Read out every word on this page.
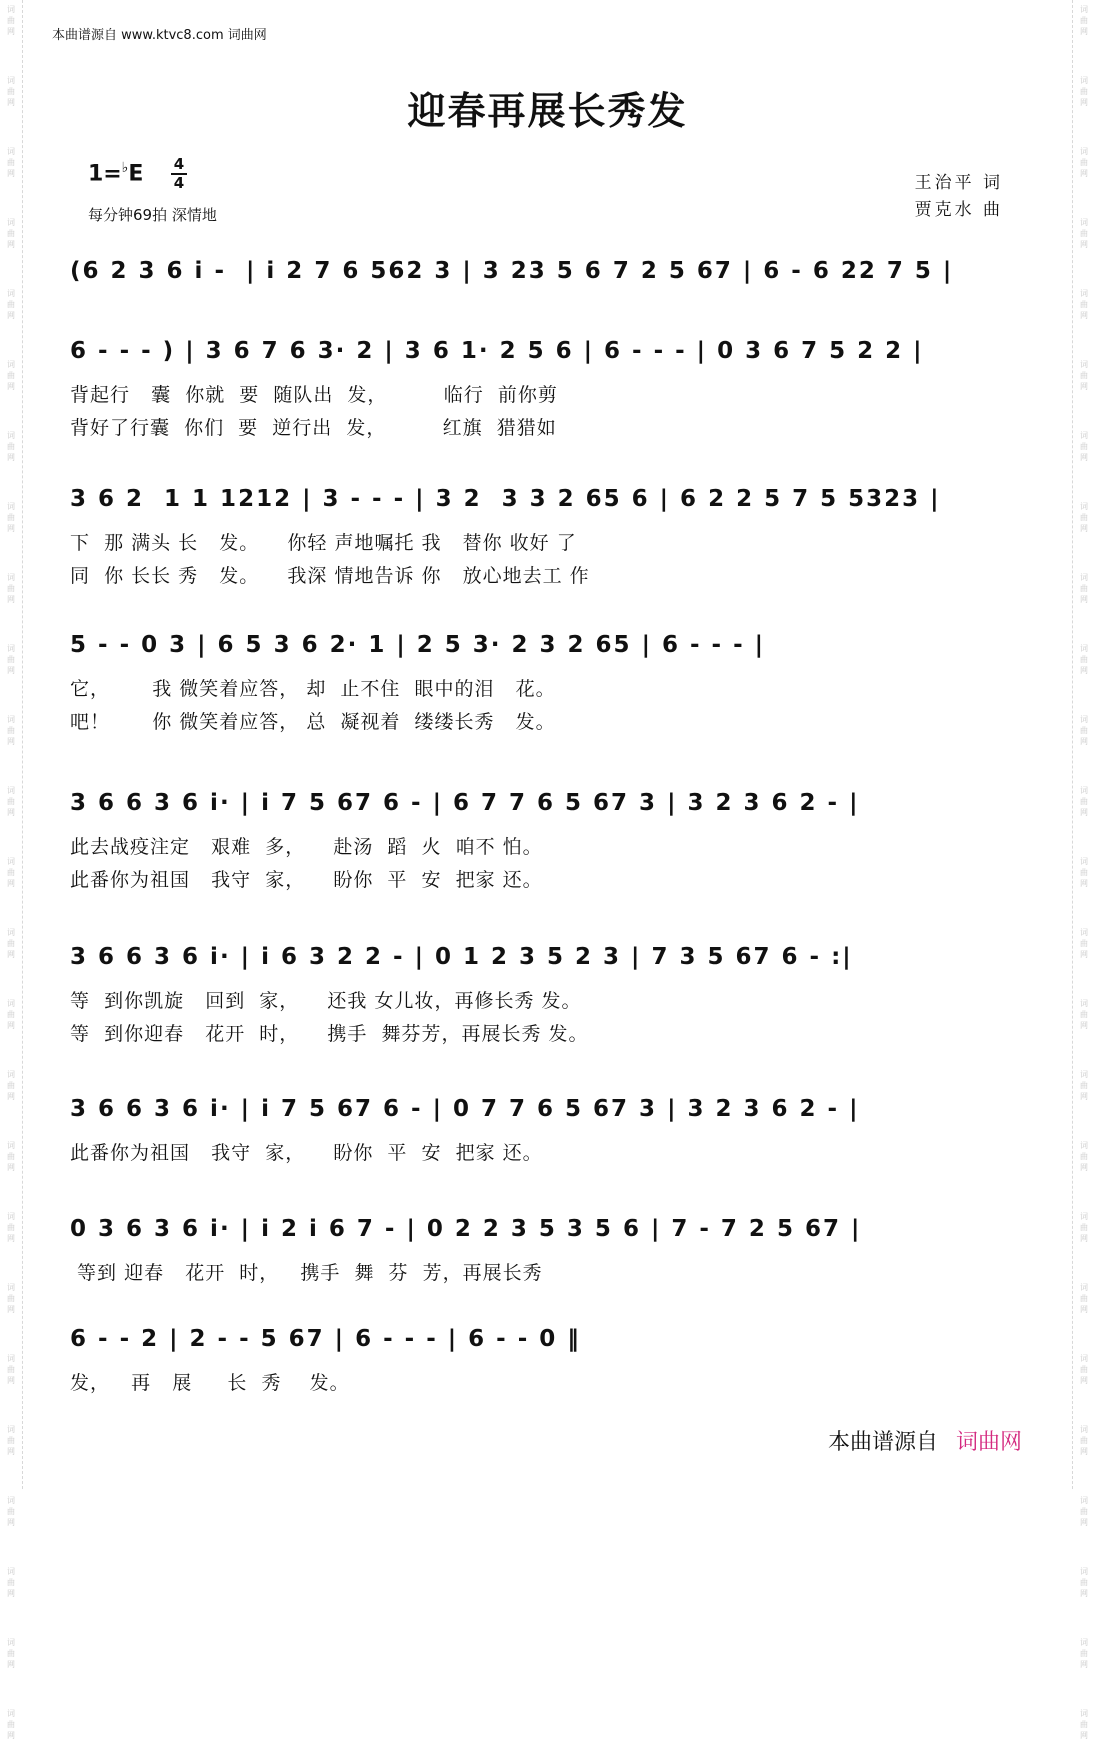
词
曲
网
词
曲
网
词
曲
网
词
曲
网
词
曲
网
词
曲
网
词
曲
网
词
曲
网
词
曲
网
词
曲
网
词
曲
网
词
曲
网
词
曲
网
词
曲
网
词
曲
网
词
曲
网
词
曲
网
词
曲
网
词
曲
网
词
曲
网
词
曲
网
词
曲
网
词
曲
网
词
曲
网
词
曲
网
词
曲
网
词
曲
网
词
曲
网
词
曲
网
词
曲
网
词
曲
网
词
曲
网
词
曲
网
词
曲
网
词
曲
网
词
曲
网
词
曲
网
词
曲
网
词
曲
网
词
曲
网
词
曲
网
词
曲
网
词
曲
网
词
曲
网
词
曲
网
词
曲
网
词
曲
网
词
曲
网
词
曲
网
词
曲
网
本曲谱源自 www.ktvc8.com 词曲网
迎春再展长秀发
1=♭E 4
4
每分钟69拍 深情地
王治平 词
贾克水 曲
(6 2 3 6 i -  | i 2 7 6 562 3 | 3 23 5 6 7 2 5 67 | 6 - 6 22 7 5 |
6 - - - ) | 3 6 7 6 3· 2 | 3 6 1· 2 5 6 | 6 - - - | 0 3 6 7 5 2 2 |
背起行   囊  你就  要  随队出  发，        临行  前你剪
背好了行囊  你们  要  逆行出  发，        红旗  猎猎如
3 6 2  1 1 1212 | 3 - - - | 3 2  3 3 2 65 6 | 6 2 2 5 7 5 5323 |
下  那 满头 长   发。    你轻 声地嘱托 我   替你 收好 了
同  你 长长 秀   发。    我深 情地告诉 你   放心地去工 作
5 - - 0 3 | 6 5 3 6 2· 1 | 2 5 3· 2 3 2 65 | 6 - - - |
它，      我 微笑着应答， 却  止不住  眼中的泪   花。
吧！      你 微笑着应答， 总  凝视着  缕缕长秀   发。
3 6 6 3 6 i· | i 7 5 67 6 - | 6 7 7 6 5 67 3 | 3 2 3 6 2 - |
此去战疫注定   艰难  多，    赴汤  蹈  火  咱不 怕。
此番你为祖国   我守  家，    盼你  平  安  把家 还。
3 6 6 3 6 i· | i 6 3 2 2 - | 0 1 2 3 5 2 3 | 7 3 5 67 6 - :|
等  到你凯旋   回到  家，    还我 女儿妆，再修长秀 发。
等  到你迎春   花开  时，    携手  舞芬芳，再展长秀 发。
3 6 6 3 6 i· | i 7 5 67 6 - | 0 7 7 6 5 67 3 | 3 2 3 6 2 - |
此番你为祖国   我守  家，    盼你  平  安  把家 还。
0 3 6 3 6 i· | i 2 i 6 7 - | 0 2 2 3 5 3 5 6 | 7 - 7 2 5 67 |
等到 迎春   花开  时，   携手  舞  芬  芳，再展长秀
6 - - 2 | 2 - - 5 67 | 6 - - - | 6 - - 0 ‖
发，   再   展     长  秀    发。
本曲谱源自 词曲网
